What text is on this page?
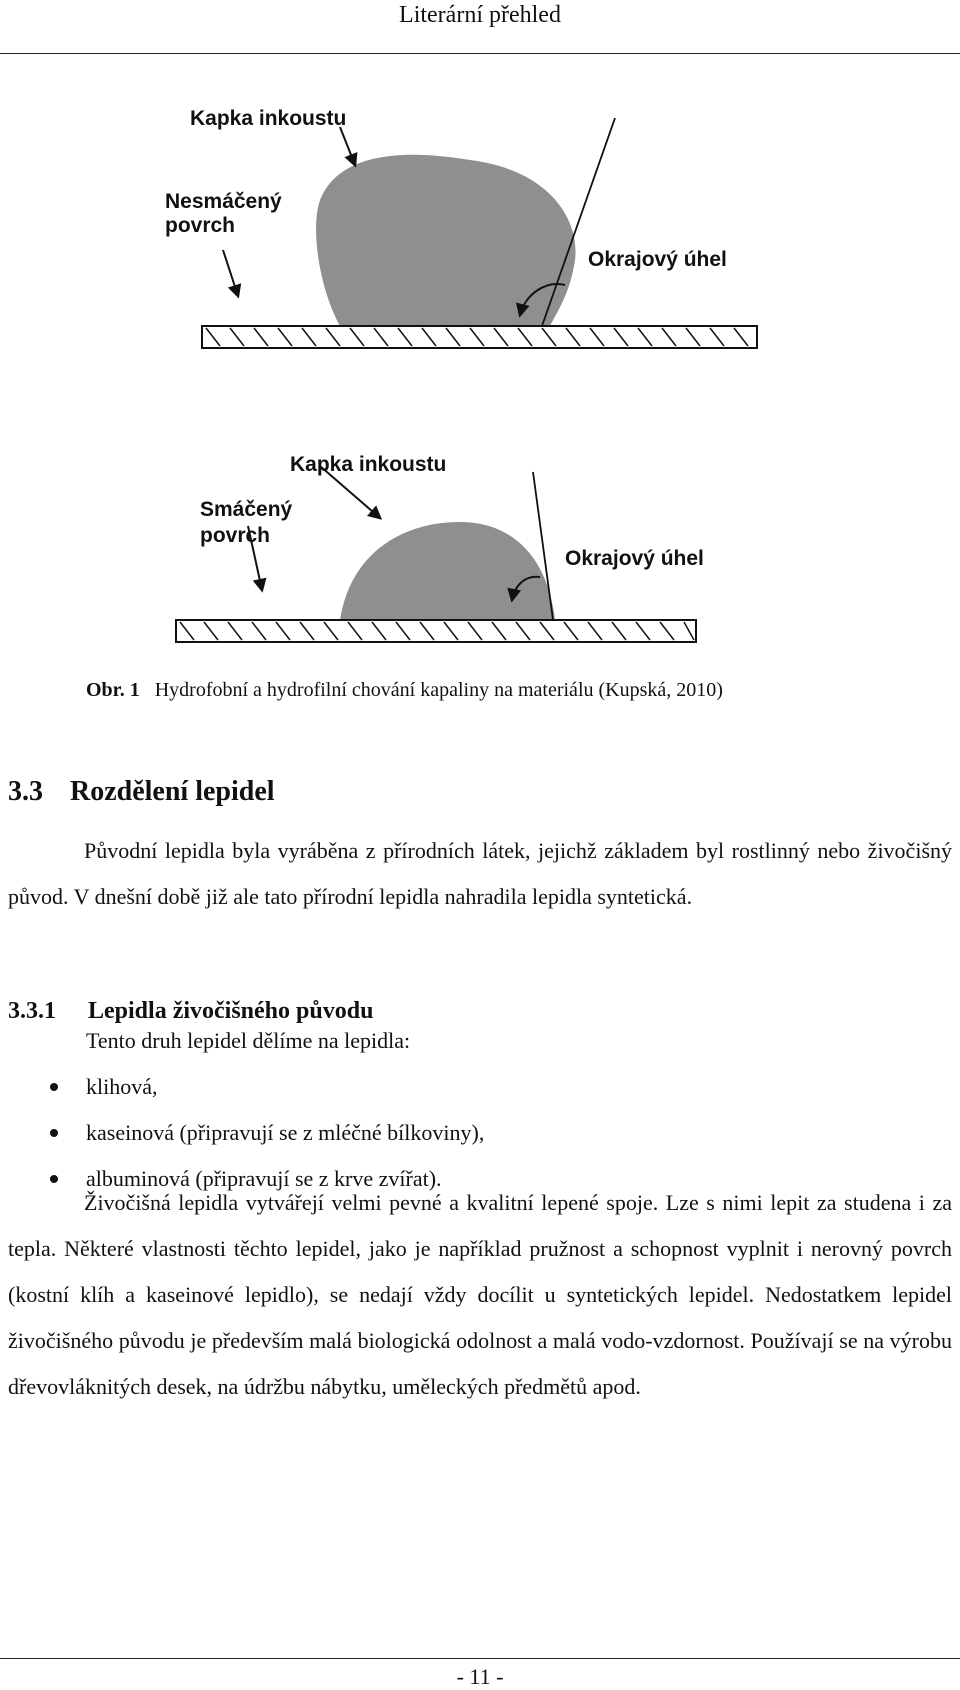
Literární přehled
Kapka inkoustu
Nesmáčený
povrch
Okrajový úhel
Kapka inkoustu
Smáčený
povrch
Okrajový úhel
Obr. 1 Hydrofobní a hydrofilní chování kapaliny na materiálu (Kupská, 2010)
3.3 Rozdělení lepidel
Původní lepidla byla vyráběna z přírodních látek, jejichž základem byl rostlinný nebo živočišný původ. V dnešní době již ale tato přírodní lepidla nahradila lepidla syntetická.
3.3.1 Lepidla živočišného původu
Tento druh lepidel dělíme na lepidla:
klihová,
kaseinová (připravují se z mléčné bílkoviny),
albuminová (připravují se z krve zvířat).
Živočišná lepidla vytvářejí velmi pevné a kvalitní lepené spoje. Lze s nimi lepit za studena i za tepla. Některé vlastnosti těchto lepidel, jako je například pružnost a schopnost vyplnit i nerovný povrch (kostní klíh a kaseinové lepidlo), se nedají vždy docílit u syntetických lepidel. Nedostatkem lepidel živočišného původu je především malá biologická odolnost a malá vodo-vzdornost. Používají se na výrobu dřevovláknitých desek, na údržbu nábytku, uměleckých předmětů apod.
- 11 -
